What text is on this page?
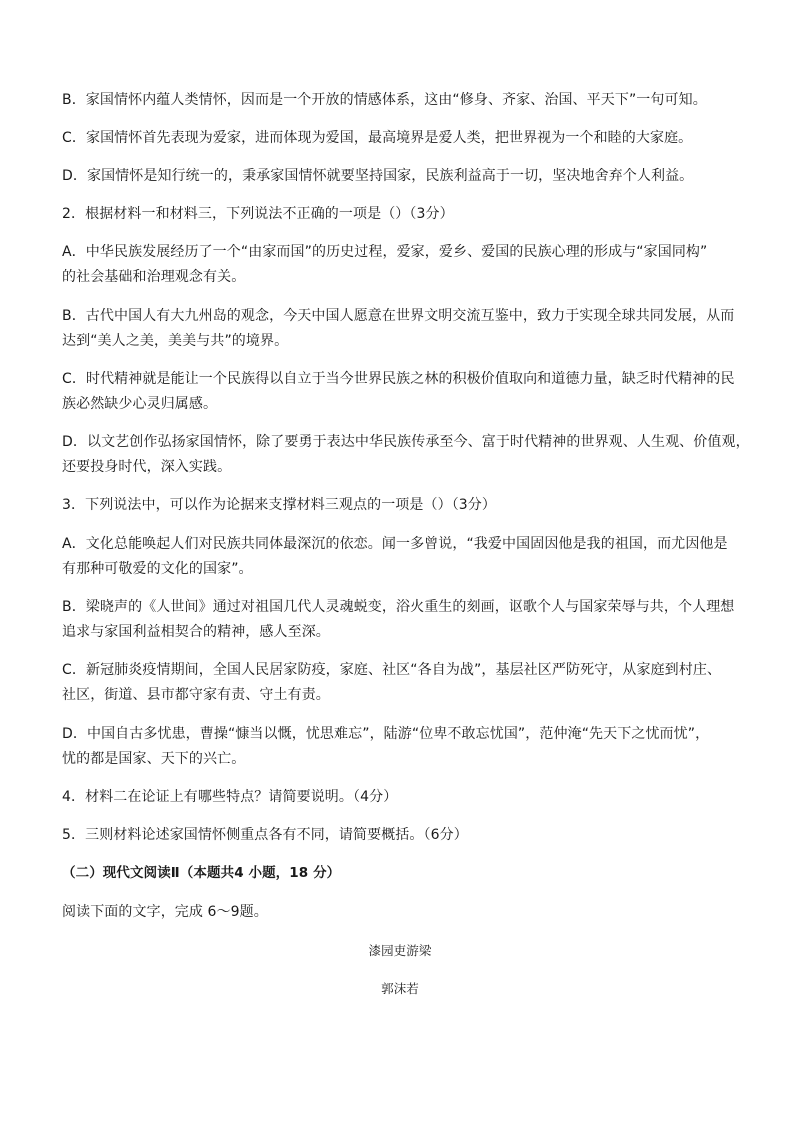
B．家国情怀内蕴人类情怀，因而是一个开放的情感体系，这由“修身、齐家、治国、平天下”一句可知。
C．家国情怀首先表现为爱家，进而体现为爱国，最高境界是爱人类，把世界视为一个和睦的大家庭。
D．家国情怀是知行统一的，秉承家国情怀就要坚持国家，民族利益高于一切，坚决地舍弃个人利益。
2．根据材料一和材料三，下列说法不正确的一项是（）（3分）
A．中华民族发展经历了一个“由家而国”的历史过程，爱家，爱乡、爱国的民族心理的形成与“家国同构”
的社会基础和治理观念有关。
B．古代中国人有大九州岛的观念，今天中国人愿意在世界文明交流互鉴中，致力于实现全球共同发展，从而
达到“美人之美，美美与共”的境界。
C．时代精神就是能让一个民族得以自立于当今世界民族之林的积极价值取向和道德力量，缺乏时代精神的民
族必然缺少心灵归属感。
D．以文艺创作弘扬家国情怀，除了要勇于表达中华民族传承至今、富于时代精神的世界观、人生观、价值观，
还要投身时代，深入实践。
3．下列说法中，可以作为论据来支撑材料三观点的一项是（）（3分）
A．文化总能唤起人们对民族共同体最深沉的依恋。闻一多曾说，“我爱中国固因他是我的祖国，而尤因他是
有那种可敬爱的文化的国家”。
B．梁晓声的《人世间》通过对祖国几代人灵魂蜕变，浴火重生的刻画，讴歌个人与国家荣辱与共，个人理想
追求与家国利益相契合的精神，感人至深。
C．新冠肺炎疫情期间，全国人民居家防疫，家庭、社区“各自为战”，基层社区严防死守，从家庭到村庄、
社区，街道、县市都守家有责、守土有责。
D．中国自古多忧患，曹操“慷当以慨，忧思难忘”，陆游“位卑不敢忘忧国”，范仲淹“先天下之忧而忧”，
忧的都是国家、天下的兴亡。
4．材料二在论证上有哪些特点？请简要说明。（4分）
5．三则材料论述家国情怀侧重点各有不同，请简要概括。（6分）
（二）现代文阅读Ⅱ（本题共4 小题，18 分）
阅读下面的文字，完成 6～9题。
漆园吏游梁
郭沫若
